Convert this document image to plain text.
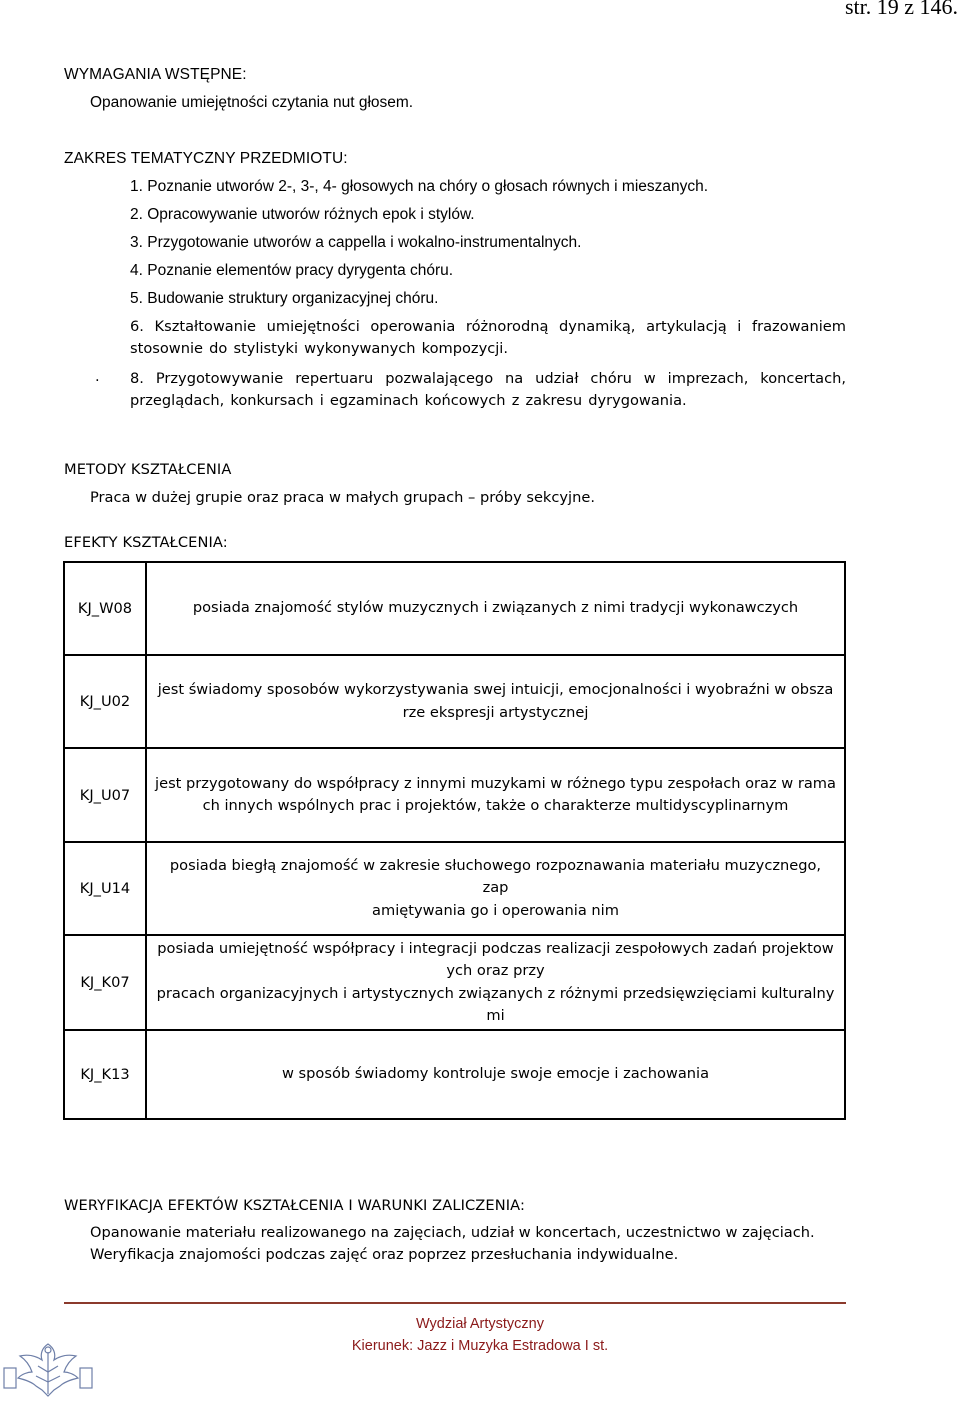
str. 19 z 146.
WYMAGANIA WSTĘPNE:
Opanowanie umiejętności czytania nut głosem.
ZAKRES TEMATYCZNY PRZEDMIOTU:
1. Poznanie utworów 2-, 3-, 4- głosowych na chóry o głosach równych i mieszanych.
2. Opracowywanie utworów różnych epok i stylów.
3. Przygotowanie utworów a cappella i wokalno-instrumentalnych.
4. Poznanie elementów pracy dyrygenta chóru.
5. Budowanie struktury organizacyjnej chóru.
6. Kształtowanie umiejętności operowania różnorodną dynamiką, artykulacją i frazowaniem stosownie do stylistyki wykonywanych kompozycji.
. 8. Przygotowywanie repertuaru pozwalającego na udział chóru w imprezach, koncertach, przeglądach, konkursach i egzaminach końcowych z zakresu dyrygowania.
METODY KSZTAŁCENIA
Praca w dużej grupie oraz praca w małych grupach – próby sekcyjne.
EFEKTY KSZTAŁCENIA:
KJ_W08	posiada znajomość stylów muzycznych i związanych z nimi tradycji wykonawczych

KJ_U02	jest świadomy sposobów wykorzystywania swej intuicji, emocjonalności i wyobraźni w obsza
rze ekspresji artystycznej

KJ_U07	jest przygotowany do współpracy z innymi muzykami w różnego typu zespołach oraz w rama
ch innych wspólnych prac i projektów, także o charakterze multidyscyplinarnym

KJ_U14	posiada biegłą znajomość w zakresie słuchowego rozpoznawania materiału muzycznego, zap
amiętywania go i operowania nim

KJ_K07	posiada umiejętność współpracy i integracji podczas realizacji zespołowych zadań projektow
ych oraz przy
pracach organizacyjnych i artystycznych związanych z różnymi przedsięwzięciami kulturalny
mi

KJ_K13	w sposób świadomy kontroluje swoje emocje i zachowania
WERYFIKACJA EFEKTÓW KSZTAŁCENIA I WARUNKI ZALICZENIA:
Opanowanie materiału realizowanego na zajęciach, udział w koncertach, uczestnictwo w zajęciach.
Weryfikacja znajomości podczas zajęć oraz poprzez przesłuchania indywidualne.
Wydział Artystyczny
Kierunek: Jazz i Muzyka Estradowa I st.
